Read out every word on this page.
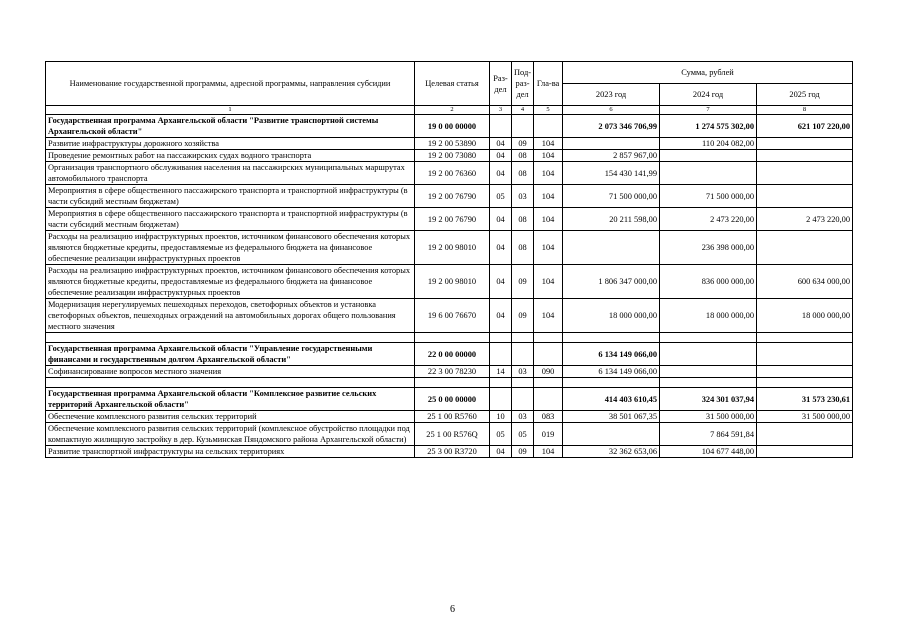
Наименование государственной программы, адресной программы, направления субсидии	Целевая статья	Раз-дел	Под-раз-дел	Гла-ва	Сумма, рублей		
					2023 год	2024 год	2025 год
1	2	3	4	5	6	7	8
Государственная программа Архангельской области "Развитие транспортной системы Архангельской области"	19 0 00 00000				2 073 346 706,99	1 274 575 302,00	621 107 220,00
Развитие инфраструктуры дорожного хозяйства	19 2 00 53890	04	09	104		110 204 082,00	
Проведение ремонтных работ на пассажирских судах водного транспорта	19 2 00 73080	04	08	104	2 857 967,00		
Организация транспортного обслуживания населения на пассажирских муниципальных маршрутах автомобильного транспорта	19 2 00 76360	04	08	104	154 430 141,99		
Мероприятия в сфере общественного пассажирского транспорта и транспортной инфраструктуры (в части субсидий местным бюджетам)	19 2 00 76790	05	03	104	71 500 000,00	71 500 000,00	
Мероприятия в сфере общественного пассажирского транспорта и транспортной инфраструктуры (в части субсидий местным бюджетам)	19 2 00 76790	04	08	104	20 211 598,00	2 473 220,00	2 473 220,00
Расходы на реализацию инфраструктурных проектов, источником финансового обеспечения которых являются бюджетные кредиты, предоставляемые из федерального бюджета на финансовое обеспечение реализации инфраструктурных проектов	19 2 00 98010	04	08	104		236 398 000,00	
Расходы на реализацию инфраструктурных проектов, источником финансового обеспечения которых являются бюджетные кредиты, предоставляемые из федерального бюджета на финансовое обеспечение реализации инфраструктурных проектов	19 2 00 98010	04	09	104	1 806 347 000,00	836 000 000,00	600 634 000,00
Модернизация нерегулируемых пешеходных переходов, светофорных объектов и установка светофорных объектов, пешеходных ограждений на автомобильных дорогах общего пользования местного значения	19 6 00 76670	04	09	104	18 000 000,00	18 000 000,00	18 000 000,00

Государственная программа Архангельской области "Управление государственными финансами и государственным долгом Архангельской области"	22 0 00 00000				6 134 149 066,00		
Софинансирование вопросов местного значения	22 3 00 78230	14	03	090	6 134 149 066,00		

Государственная программа Архангельской области "Комплексное развитие сельских территорий Архангельской области"	25 0 00 00000				414 403 610,45	324 301 037,94	31 573 230,61
Обеспечение комплексного развития сельских территорий	25 1 00 R5760	10	03	083	38 501 067,35	31 500 000,00	31 500 000,00
Обеспечение комплексного развития сельских территорий (комплексное обустройство площадки под компактную жилищную застройку в дер. Кузьминская Пяндомского района Архангельской области)	25 1 00 R576Q	05	05	019		7 864 591,84	
Развитие транспортной инфраструктуры на сельских территориях	25 3 00 R3720	04	09	104	32 362 653,06	104 677 448,00	
6
